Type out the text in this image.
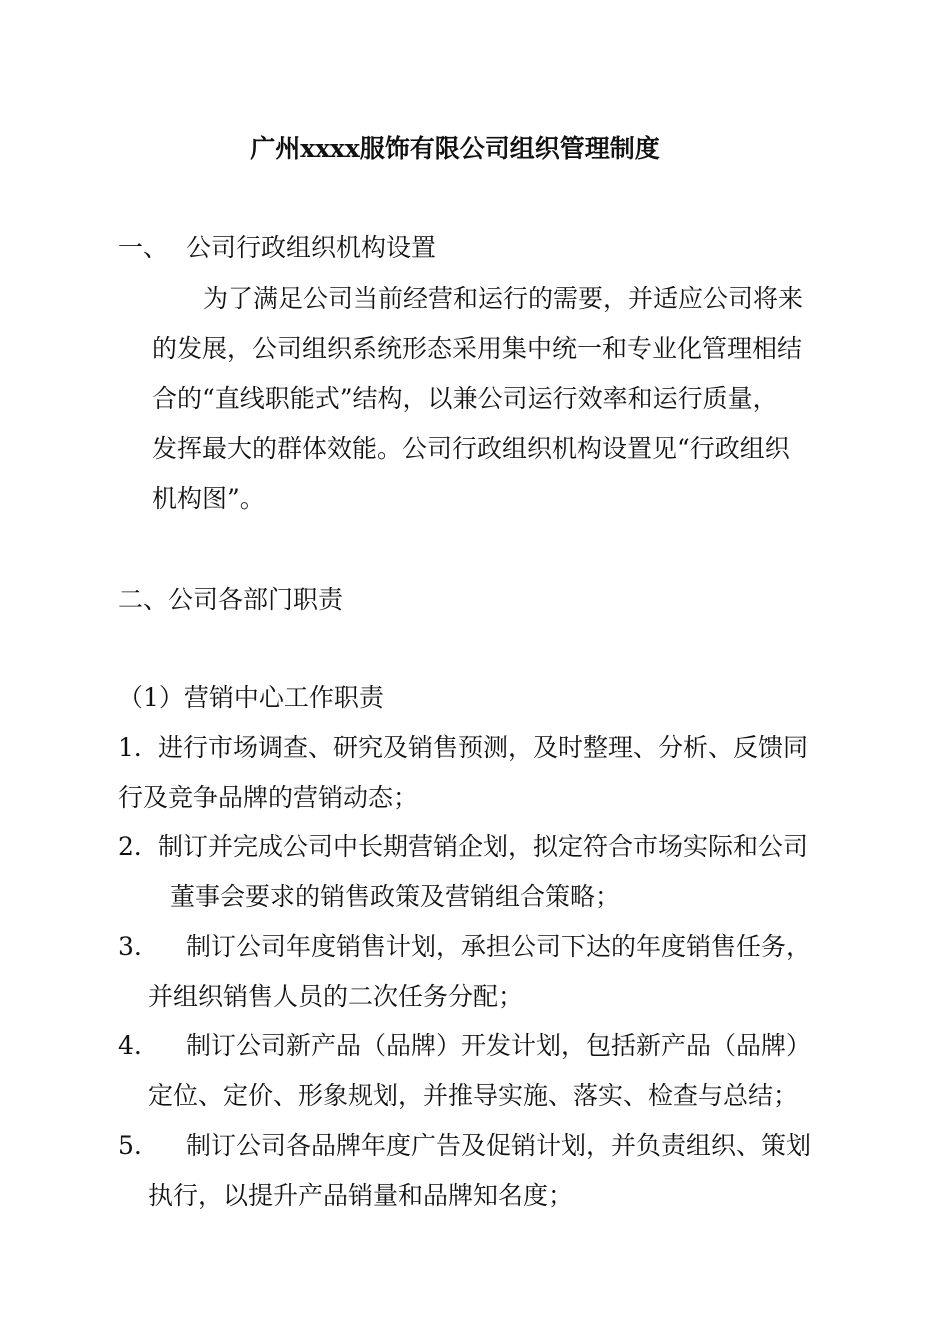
广州xxxx服饰有限公司组织管理制度
一、 公司行政组织机构设置
为了满足公司当前经营和运行的需要，并适应公司将来
的发展，公司组织系统形态采用集中统一和专业化管理相结
合的“直线职能式”结构，以兼公司运行效率和运行质量，
发挥最大的群体效能。公司行政组织机构设置见“行政组织
机构图”。
二、公司各部门职责
（1）营销中心工作职责
1． 进行市场调查、研究及销售预测，及时整理、分析、反馈同
行及竞争品牌的营销动态；
2． 制订并完成公司中长期营销企划，拟定符合市场实际和公司
董事会要求的销售政策及营销组合策略；
3. 制订公司年度销售计划，承担公司下达的年度销售任务，
并组织销售人员的二次任务分配；
4. 制订公司新产品（品牌）开发计划，包括新产品（品牌）
定位、定价、形象规划，并推导实施、落实、检查与总结；
5. 制订公司各品牌年度广告及促销计划，并负责组织、策划
执行，以提升产品销量和品牌知名度；
